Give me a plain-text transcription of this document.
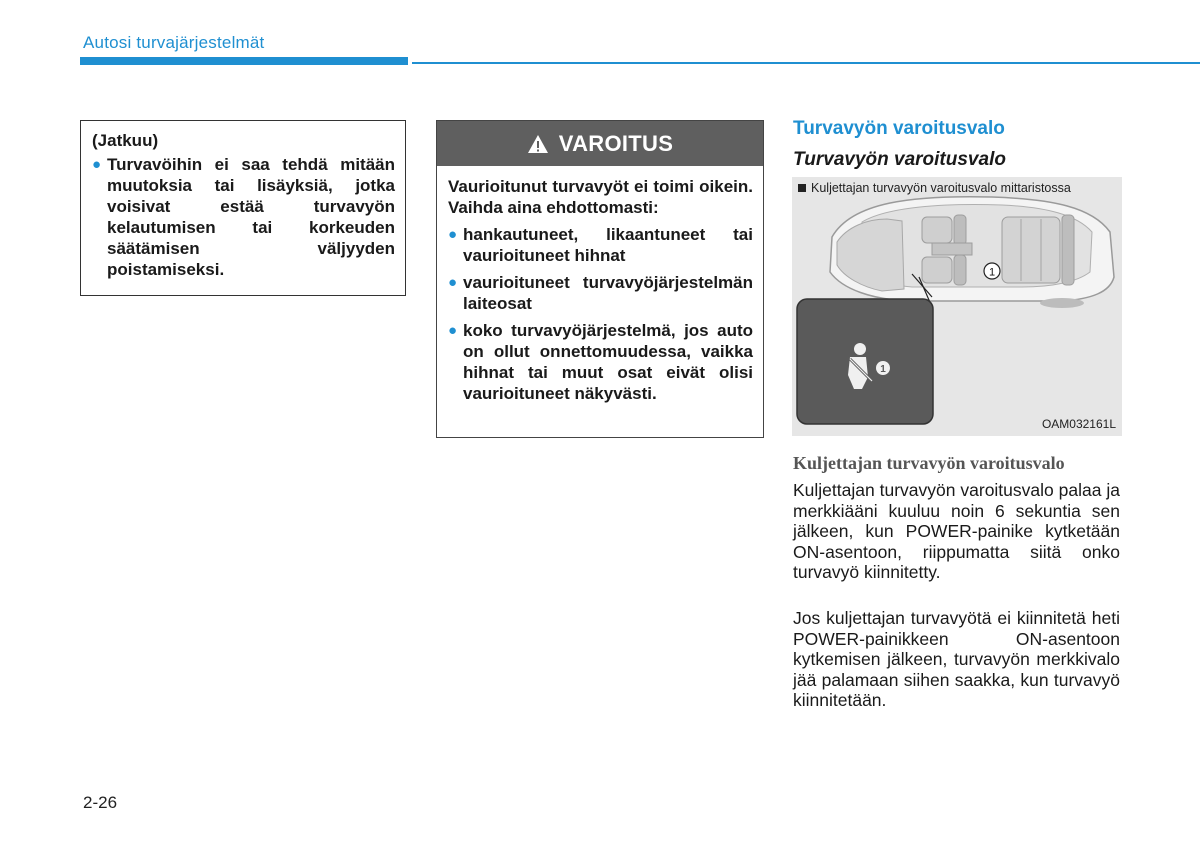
Autosi turvajärjestelmät
(Jatkuu)
● Turvavöihin ei saa tehdä mitään muutoksia tai lisäyksiä, jotka voisivat estää turvavyön kelautumisen tai korkeuden säätämisen väljyyden poistamiseksi.
VAROITUS
Vaurioitunut turvavyöt ei toimi oikein. Vaihda aina ehdottomasti:
● hankautuneet, likaantuneet tai vaurioituneet hihnat
● vaurioituneet turvavyöjärjestelmän laiteosat
● koko turvavyöjärjestelmä, jos auto on ollut onnettomuudessa, vaikka hihnat tai muut osat eivät olisi vaurioituneet näkyvästi.
Turvavyön varoitusvalo
Turvavyön varoitusvalo
Kuljettajan turvavyön varoitusvalo mittaristossa
1
1
OAM032161L
Kuljettajan turvavyön varoitusvalo
Kuljettajan turvavyön varoitusvalo palaa ja merkkiääni kuuluu noin 6 sekuntia sen jälkeen, kun POWER-painike kytketään ON-asentoon, riippumatta siitä onko turvavyö kiinnitetty.
Jos kuljettajan turvavyötä ei kiinnitetä heti POWER-painikkeen ON-asentoon kytkemisen jälkeen, turvavyön merkkivalo jää palamaan siihen saakka, kun turvavyö kiinnitetään.
2-26
